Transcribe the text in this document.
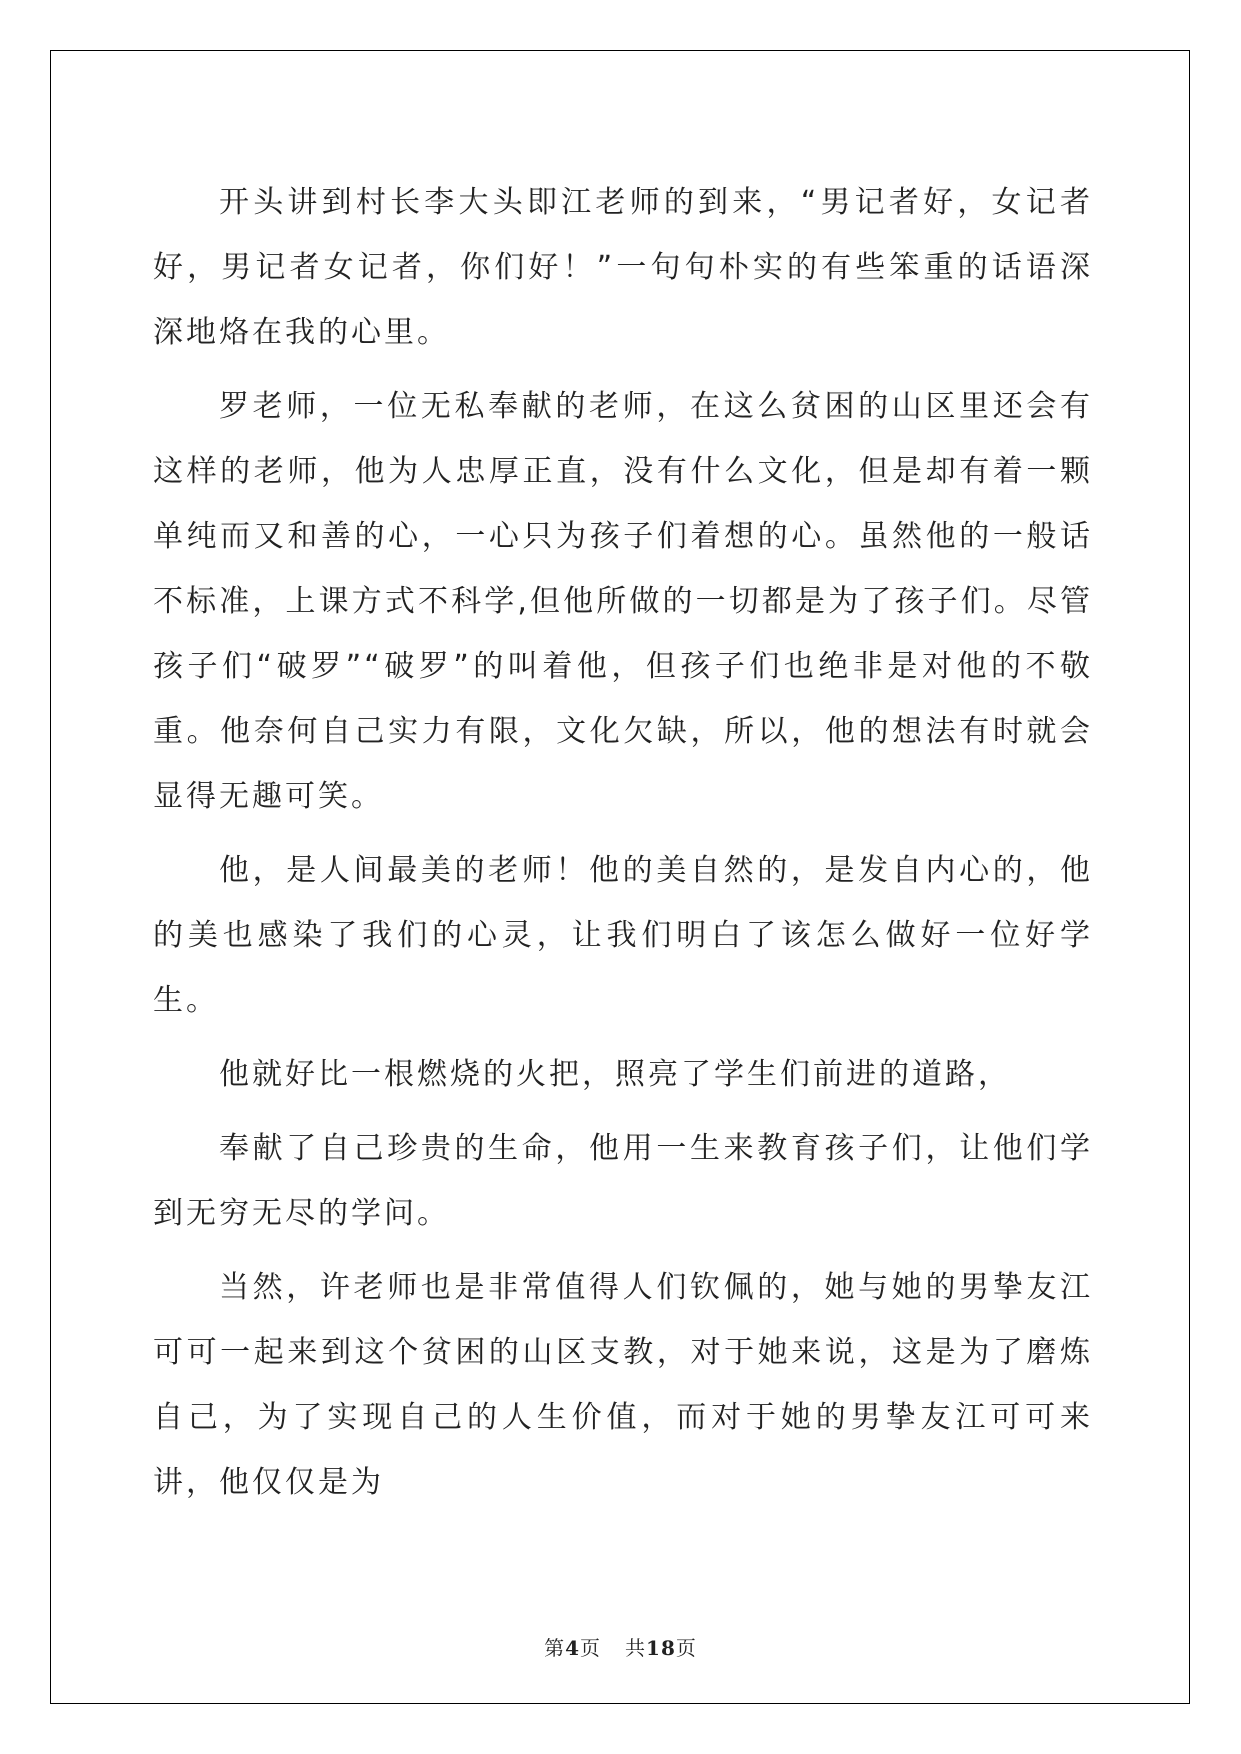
开头讲到村长李大头即江老师的到来，“男记者好，女记者好，男记者女记者，你们好！”一句句朴实的有些笨重的话语深深地烙在我的心里。

罗老师，一位无私奉献的老师，在这么贫困的山区里还会有这样的老师，他为人忠厚正直，没有什么文化，但是却有着一颗单纯而又和善的心，一心只为孩子们着想的心。虽然他的一般话不标准，上课方式不科学,但他所做的一切都是为了孩子们。尽管孩子们“破罗”“破罗”的叫着他，但孩子们也绝非是对他的不敬重。他奈何自己实力有限，文化欠缺，所以，他的想法有时就会显得无趣可笑。

他，是人间最美的老师！他的美自然的，是发自内心的，他的美也感染了我们的心灵，让我们明白了该怎么做好一位好学生。

他就好比一根燃烧的火把，照亮了学生们前进的道路，

奉献了自己珍贵的生命，他用一生来教育孩子们，让他们学到无穷无尽的学问。

当然，许老师也是非常值得人们钦佩的，她与她的男挚友江可可一起来到这个贫困的山区支教，对于她来说，这是为了磨炼自己，为了实现自己的人生价值，而对于她的男挚友江可可来讲，他仅仅是为

第4页 共18页
